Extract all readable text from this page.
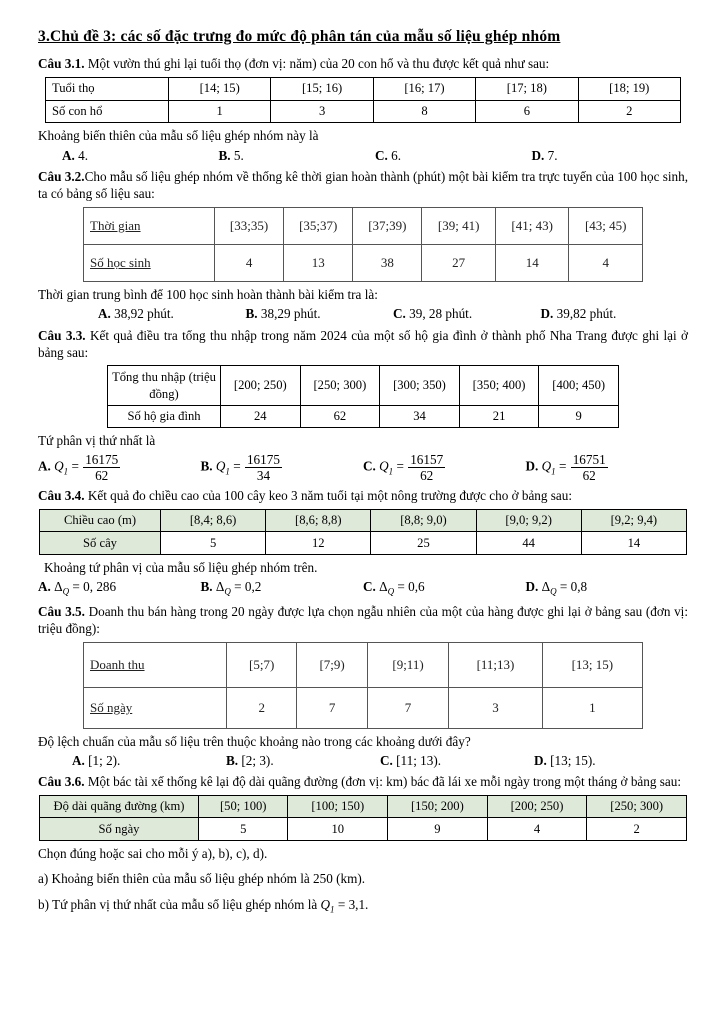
3.Chủ đề 3: các số đặc trưng đo mức độ phân tán của mẫu số liệu ghép nhóm

Câu 3.1. Một vườn thú ghi lại tuổi thọ (đơn vị: năm) của 20 con hổ và thu được kết quả như sau:

Tuổi thọ	[14; 15)	[15; 16)	[16; 17)	[17; 18)	[18; 19)
Số con hổ	1	3	8	6	2

Khoảng biến thiên của mẫu số liệu ghép nhóm này là

A. 4.	B. 5.	C. 6.	D. 7.

Câu 3.2.Cho mẫu số liệu ghép nhóm về thống kê thời gian hoàn thành (phút) một bài kiểm tra trực tuyến của 100 học sinh, ta có bảng số liệu sau:

Thời gian	[33;35)	[35;37)	[37;39)	[39; 41)	[41; 43)	[43; 45)
Số học sinh	4	13	38	27	14	4

Thời gian trung bình để 100 học sinh hoàn thành bài kiểm tra là:

A. 38,92 phút.	B. 38,29 phút.	C. 39, 28 phút.	D. 39,82 phút.

Câu 3.3. Kết quả điều tra tổng thu nhập trong năm 2024 của một số hộ gia đình ở thành phố Nha Trang được ghi lại ở bảng sau:

Tổng thu nhập (triệu đồng)	[200; 250)	[250; 300)	[300; 350)	[350; 400)	[400; 450)
Số hộ gia đình	24	62	34	21	9

Tứ phân vị thứ nhất là

A. $Q_1 = \frac{16175}{62}$	B. $Q_1 = \frac{16175}{34}$	C. $Q_1 = \frac{16157}{62}$	D. $Q_1 = \frac{16751}{62}$

Câu 3.4. Kết quả đo chiều cao của 100 cây keo 3 năm tuổi tại một nông trường được cho ở bảng sau:

Chiều cao (m)	[8,4; 8,6)	[8,6; 8,8)	[8,8; 9,0)	[9,0; 9,2)	[9,2; 9,4)
Số cây	5	12	25	44	14

Khoảng tứ phân vị của mẫu số liệu ghép nhóm trên.

A. $\Delta_Q = 0$, 286	B. $\Delta_Q = 0,2$	C. $\Delta_Q = 0,6$	D. $\Delta_Q = 0,8$

Câu 3.5. Doanh thu bán hàng trong 20 ngày được lựa chọn ngẫu nhiên của một của hàng được ghi lại ở bảng sau (đơn vị: triệu đồng):

Doanh thu	[5;7)	[7;9)	[9;11)	[11;13)	[13; 15)
Số ngày	2	7	7	3	1

Độ lệch chuẩn của mẫu số liệu trên thuộc khoảng nào trong các khoảng dưới đây?

A. [1; 2).	B. [2; 3).	C. [11; 13).	D. [13; 15).

Câu 3.6. Một bác tài xế thống kê lại độ dài quãng đường (đơn vị: km) bác đã lái xe mỗi ngày trong một tháng ở bảng sau:

Độ dài quãng đường (km)	[50; 100)	[100; 150)	[150; 200)	[200; 250)	[250; 300)
Số ngày	5	10	9	4	2

Chọn đúng hoặc sai cho mỗi ý a), b), c), d).

a) Khoảng biến thiên của mẫu số liệu ghép nhóm là 250 (km).

b) Tứ phân vị thứ nhất của mẫu số liệu ghép nhóm là $Q_1 = 3,1$.
